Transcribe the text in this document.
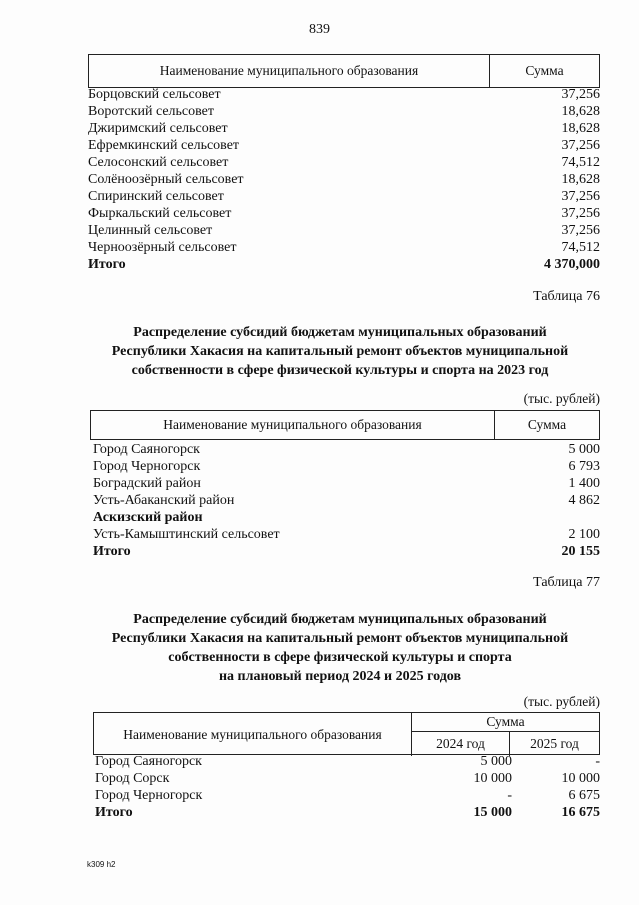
839
Наименование муниципального образования	Сумма
Борцовский сельсовет	37,256
Воротский сельсовет	18,628
Джиримский сельсовет	18,628
Ефремкинский сельсовет	37,256
Селосонский сельсовет	74,512
Солёноозёрный сельсовет	18,628
Спиринский сельсовет	37,256
Фыркальский сельсовет	37,256
Целинный сельсовет	37,256
Черноозёрный сельсовет	74,512
Итого	4 370,000
Таблица 76
Распределение субсидий бюджетам муниципальных образований
Республики Хакасия на капитальный ремонт объектов муниципальной
собственности в сфере физической культуры и спорта на 2023 год
(тыс. рублей)
Наименование муниципального образования	Сумма
Город Саяногорск	5 000
Город Черногорск	6 793
Боградский район	1 400
Усть-Абаканский район	4 862
Аскизский район
Усть-Камыштинский сельсовет	2 100
Итого	20 155
Таблица 77
Распределение субсидий бюджетам муниципальных образований
Республики Хакасия на капитальный ремонт объектов муниципальной
собственности в сфере физической культуры и спорта
на плановый период 2024 и 2025 годов
(тыс. рублей)
Наименование муниципального образования
Сумма
2024 год	2025 год
Город Саяногорск	5 000	-
Город Сорск	10 000	10 000
Город Черногорск	-	6 675
Итого	15 000	16 675
k309 h2
